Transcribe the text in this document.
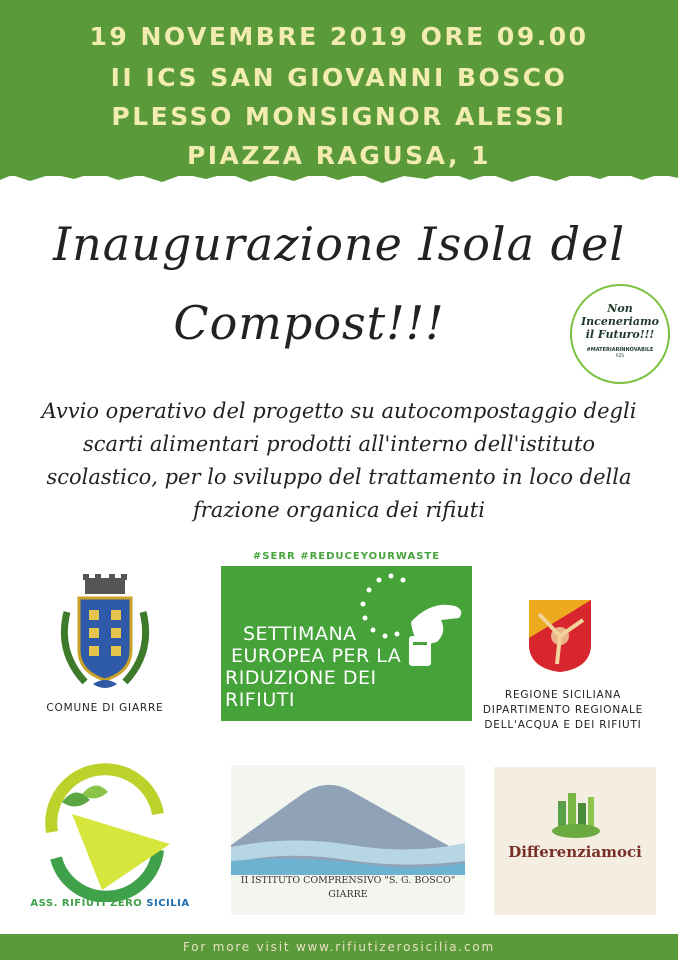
19 NOVEMBRE 2019 ORE 09.00
II ICS SAN GIOVANNI BOSCO
PLESSO MONSIGNOR ALESSI
PIAZZA RAGUSA, 1
Inaugurazione Isola del
Compost!!!	Non
Inceneriamo
il Futuro!!!
#MATERIARINNOVABILE
RZS
Avvio operativo del progetto su autocompostaggio degli
scarti alimentari prodotti all'interno dell'istituto
scolastico, per lo sviluppo del trattamento in loco della
frazione organica dei rifiuti
COMUNE DI GIARRE
#SERR #REDUCEYOURWASTE
SETTIMANA
EUROPEA PER LA
RIDUZIONE DEI
RIFIUTI	REGIONE SICILIANA
DIPARTIMENTO REGIONALE
DELL'ACQUA E DEI RIFIUTI
ASS. RIFIUTI ZERO SICILIA
II ISTITUTO COMPRENSIVO "S. G. BOSCO"
GIARRE
Differenziamoci
For more visit www.rifiutizerosicilia.com
